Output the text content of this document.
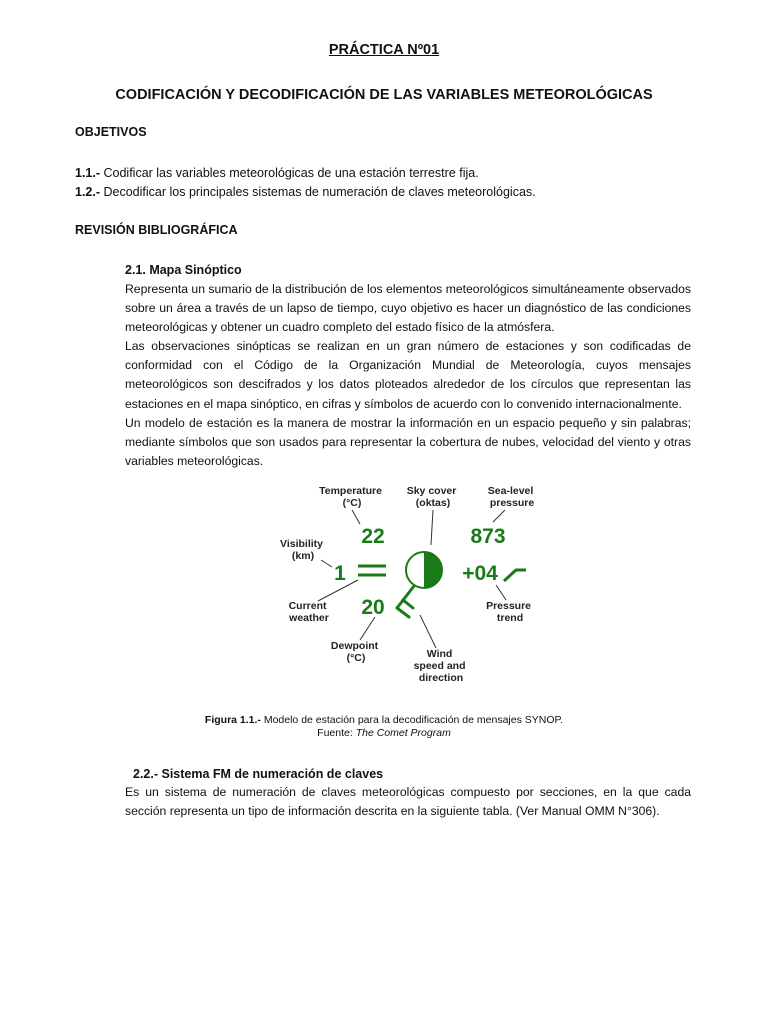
PRÁCTICA Nº01
CODIFICACIÓN Y DECODIFICACIÓN DE LAS VARIABLES METEOROLÓGICAS
OBJETIVOS
1.1.- Codificar las variables meteorológicas de una estación terrestre fija.
1.2.- Decodificar los principales sistemas de numeración de claves meteorológicas.
REVISIÓN BIBLIOGRÁFICA
2.1. Mapa Sinóptico

Representa un sumario de la distribución de los elementos meteorológicos simultáneamente observados sobre un área a través de un lapso de tiempo, cuyo objetivo es hacer un diagnóstico de las condiciones meteorológicas y obtener un cuadro completo del estado físico de la atmósfera.

Las observaciones sinópticas se realizan en un gran número de estaciones y son codificadas de conformidad con el Código de la Organización Mundial de Meteorología, cuyos mensajes meteorológicos son descifrados y los datos ploteados alrededor de los círculos que representan las estaciones en el mapa sinóptico, en cifras y símbolos de acuerdo con lo convenido internacionalmente.

Un modelo de estación es la manera de mostrar la información en un espacio pequeño y sin palabras; mediante símbolos que son usados para representar la cobertura de nubes, velocidad del viento y otras variables meteorológicas.

Temperature (°C)
Sky cover (oktas)
Sea-level pressure
Visibility (km)
Current weather
Dewpoint (°C)	Wind speed and direction
Pressure trend
22	873
1	+04
20
Figura 1.1.- Modelo de estación para la decodificación de mensajes SYNOP.
Fuente: The Comet Program
2.2.- Sistema FM de numeración de claves

Es un sistema de numeración de claves meteorológicas compuesto por secciones, en la que cada sección representa un tipo de información descrita en la siguiente tabla. (Ver Manual OMM N°306).
